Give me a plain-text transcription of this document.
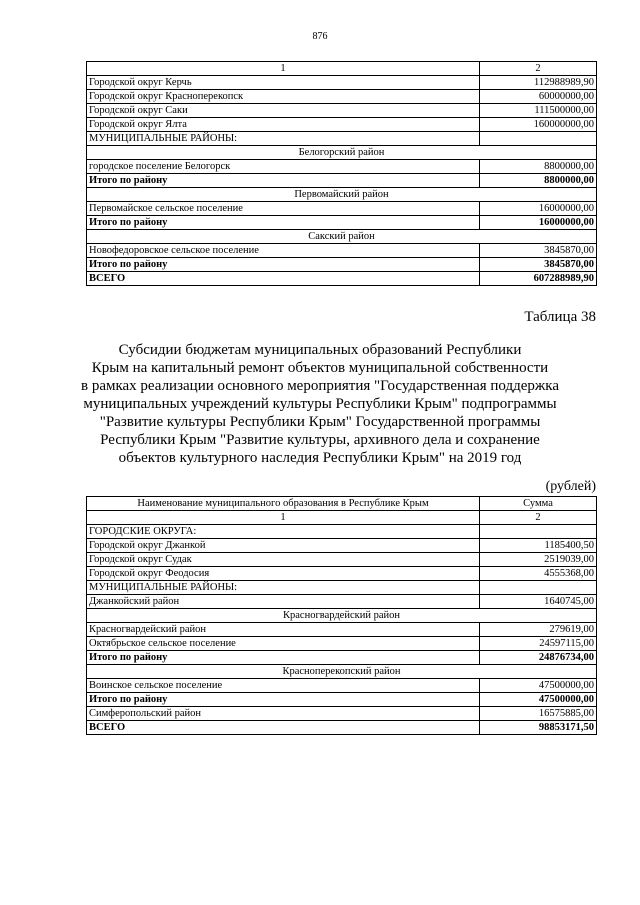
876
1	2
Городской округ Керчь	112988989,90
Городской округ Красноперекопск	60000000,00
Городской округ Саки	111500000,00
Городской округ Ялта	160000000,00
МУНИЦИПАЛЬНЫЕ РАЙОНЫ:	
Белогорский район	
городское поселение Белогорск	8800000,00
Итого по району	8800000,00
Первомайский район	
Первомайское сельское поселение	16000000,00
Итого по району	16000000,00
Сакский район	
Новофедоровское сельское поселение	3845870,00
Итого по району	3845870,00
ВСЕГО	607288989,90
Таблица 38
Субсидии бюджетам муниципальных образований Республики
Крым на капитальный ремонт объектов муниципальной собственности
в рамках реализации основного мероприятия "Государственная поддержка
муниципальных учреждений культуры Республики Крым" подпрограммы
"Развитие культуры Республики Крым" Государственной программы
Республики Крым "Развитие культуры, архивного дела и сохранение
объектов культурного наследия Республики Крым" на 2019 год
(рублей)
Наименование муниципального образования в Республике Крым	Сумма
1	2
ГОРОДСКИЕ ОКРУГА:	
Городской округ Джанкой	1185400,50
Городской округ Судак	2519039,00
Городской округ Феодосия	4555368,00
МУНИЦИПАЛЬНЫЕ РАЙОНЫ:	
Джанкойский район	1640745,00
Красногвардейский район	
Красногвардейский район	279619,00
Октябрьское сельское поселение	24597115,00
Итого по району	24876734,00
Красноперекопский район	
Воинское сельское поселение	47500000,00
Итого по району	47500000,00
Симферопольский район	16575885,00
ВСЕГО	98853171,50
